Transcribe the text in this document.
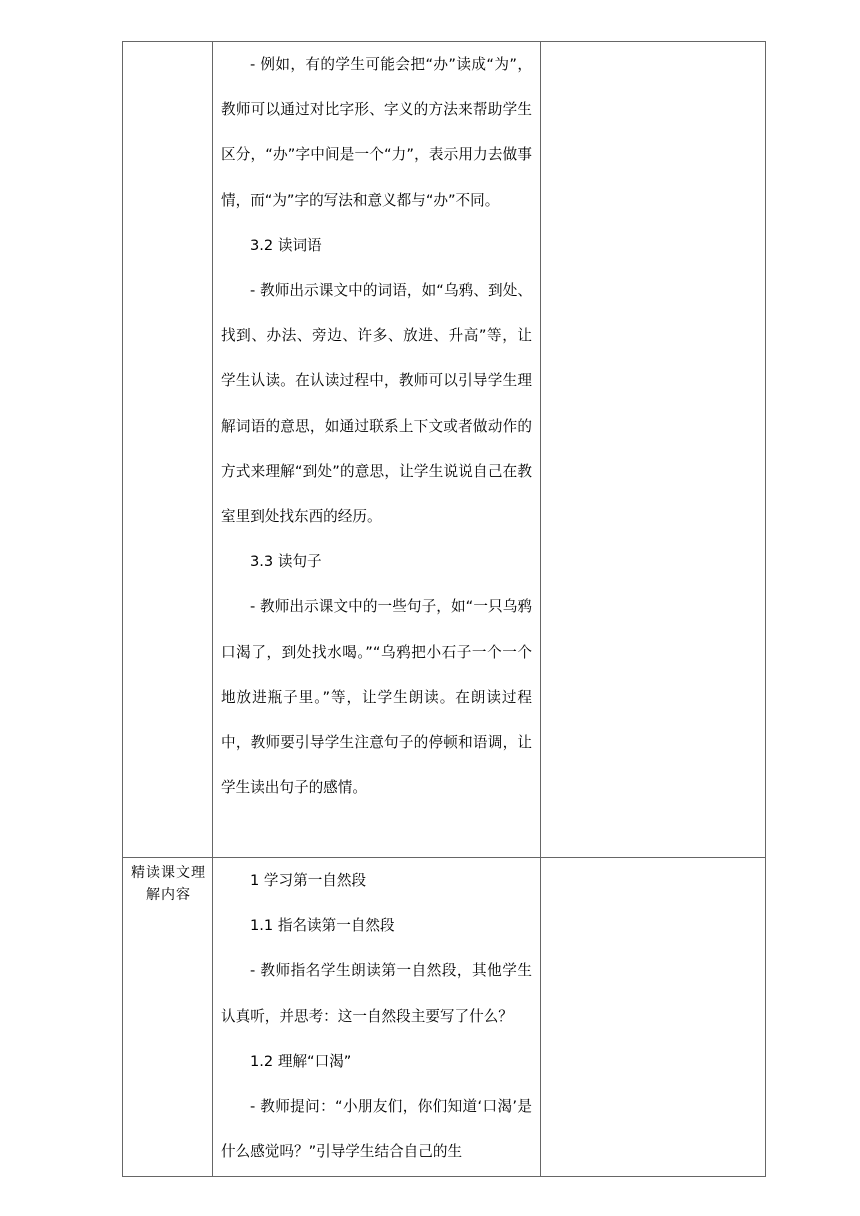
	- 例如，有的学生可能会把“办”读成“为”，教师可以通过对比字形、字义的方法来帮助学生区分，“办”字中间是一个“力”，表示用力去做事情，而“为”字的写法和意义都与“办”不同。

3.2 读词语

- 教师出示课文中的词语，如“乌鸦、到处、找到、办法、旁边、许多、放进、升高”等，让学生认读。在认读过程中，教师可以引导学生理解词语的意思，如通过联系上下文或者做动作的方式来理解“到处”的意思，让学生说说自己在教室里到处找东西的经历。

3.3 读句子

- 教师出示课文中的一些句子，如“一只乌鸦口渴了，到处找水喝。”“乌鸦把小石子一个一个地放进瓶子里。”等，让学生朗读。在朗读过程中，教师要引导学生注意句子的停顿和语调，让学生读出句子的感情。	

精读课文理解内容	1 学习第一自然段

1.1 指名读第一自然段

- 教师指名学生朗读第一自然段，其他学生认真听，并思考：这一自然段主要写了什么？

1.2 理解“口渴”

- 教师提问：“小朋友们，你们知道‘口渴’是什么感觉吗？”引导学生结合自己的生	
